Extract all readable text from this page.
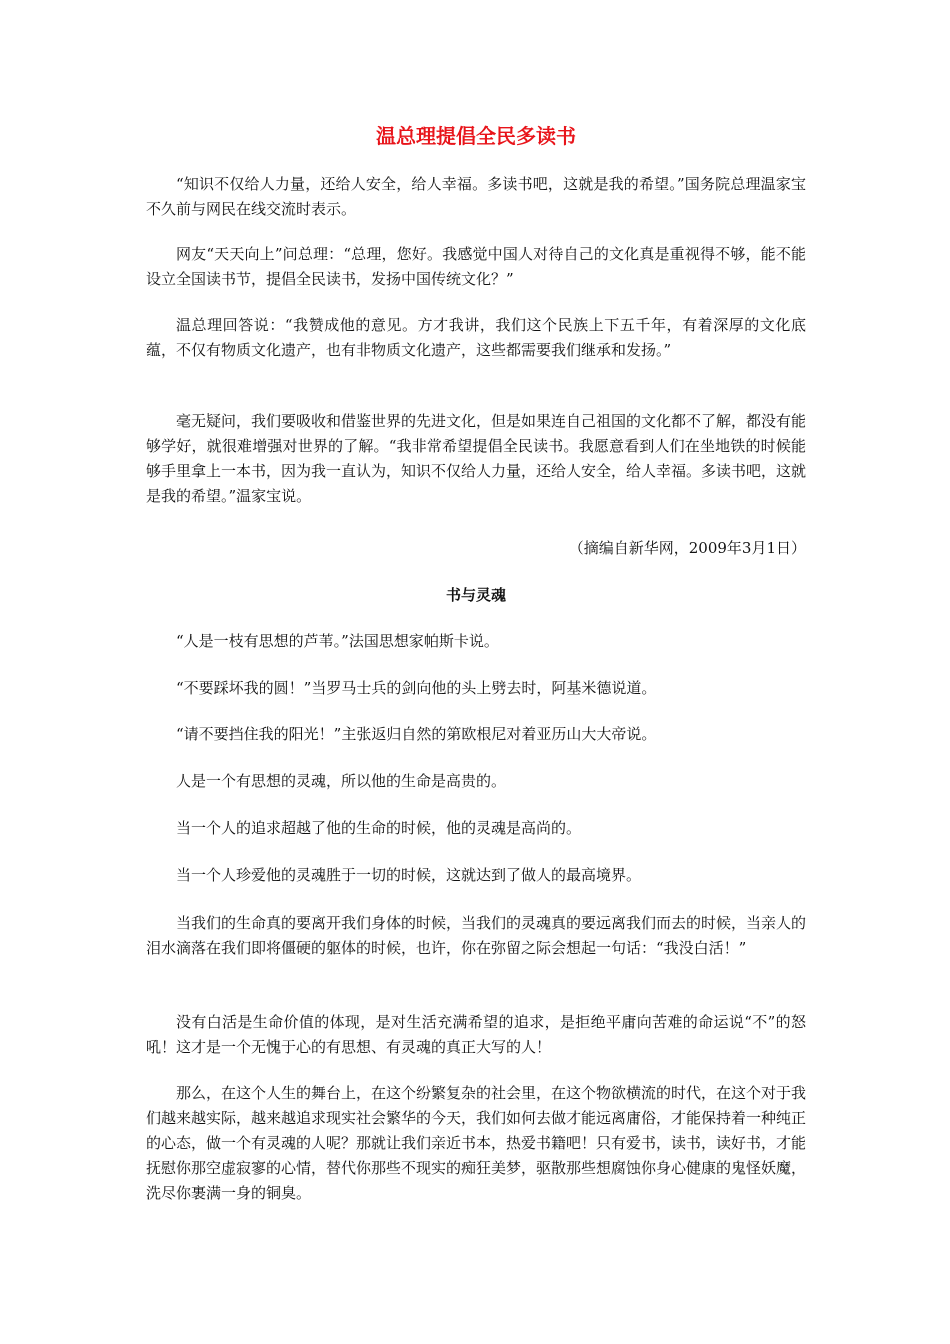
温总理提倡全民多读书

“知识不仅给人力量，还给人安全，给人幸福。多读书吧，这就是我的希望。”国务院总理温家宝不久前与网民在线交流时表示。

网友“天天向上”问总理：“总理，您好。我感觉中国人对待自己的文化真是重视得不够，能不能设立全国读书节，提倡全民读书，发扬中国传统文化？”

温总理回答说：“我赞成他的意见。方才我讲，我们这个民族上下五千年，有着深厚的文化底蕴，不仅有物质文化遗产，也有非物质文化遗产，这些都需要我们继承和发扬。”

毫无疑问，我们要吸收和借鉴世界的先进文化，但是如果连自己祖国的文化都不了解，都没有能够学好，就很难增强对世界的了解。“我非常希望提倡全民读书。我愿意看到人们在坐地铁的时候能够手里拿上一本书，因为我一直认为，知识不仅给人力量，还给人安全，给人幸福。多读书吧，这就是我的希望。”温家宝说。

（摘编自新华网，2009年3月1日）

书与灵魂

“人是一枝有思想的芦苇。”法国思想家帕斯卡说。

“不要踩坏我的圆！”当罗马士兵的剑向他的头上劈去时，阿基米德说道。

“请不要挡住我的阳光！”主张返归自然的第欧根尼对着亚历山大大帝说。

人是一个有思想的灵魂，所以他的生命是高贵的。

当一个人的追求超越了他的生命的时候，他的灵魂是高尚的。

当一个人珍爱他的灵魂胜于一切的时候，这就达到了做人的最高境界。

当我们的生命真的要离开我们身体的时候，当我们的灵魂真的要远离我们而去的时候，当亲人的泪水滴落在我们即将僵硬的躯体的时候，也许，你在弥留之际会想起一句话：“我没白活！”

没有白活是生命价值的体现，是对生活充满希望的追求，是拒绝平庸向苦难的命运说“不”的怒吼！这才是一个无愧于心的有思想、有灵魂的真正大写的人！

那么，在这个人生的舞台上，在这个纷繁复杂的社会里，在这个物欲横流的时代，在这个对于我们越来越实际，越来越追求现实社会繁华的今天，我们如何去做才能远离庸俗，才能保持着一种纯正的心态，做一个有灵魂的人呢？那就让我们亲近书本，热爱书籍吧！只有爱书，读书，读好书，才能抚慰你那空虚寂寥的心情，替代你那些不现实的痴狂美梦，驱散那些想腐蚀你身心健康的鬼怪妖魔，洗尽你裹满一身的铜臭。
